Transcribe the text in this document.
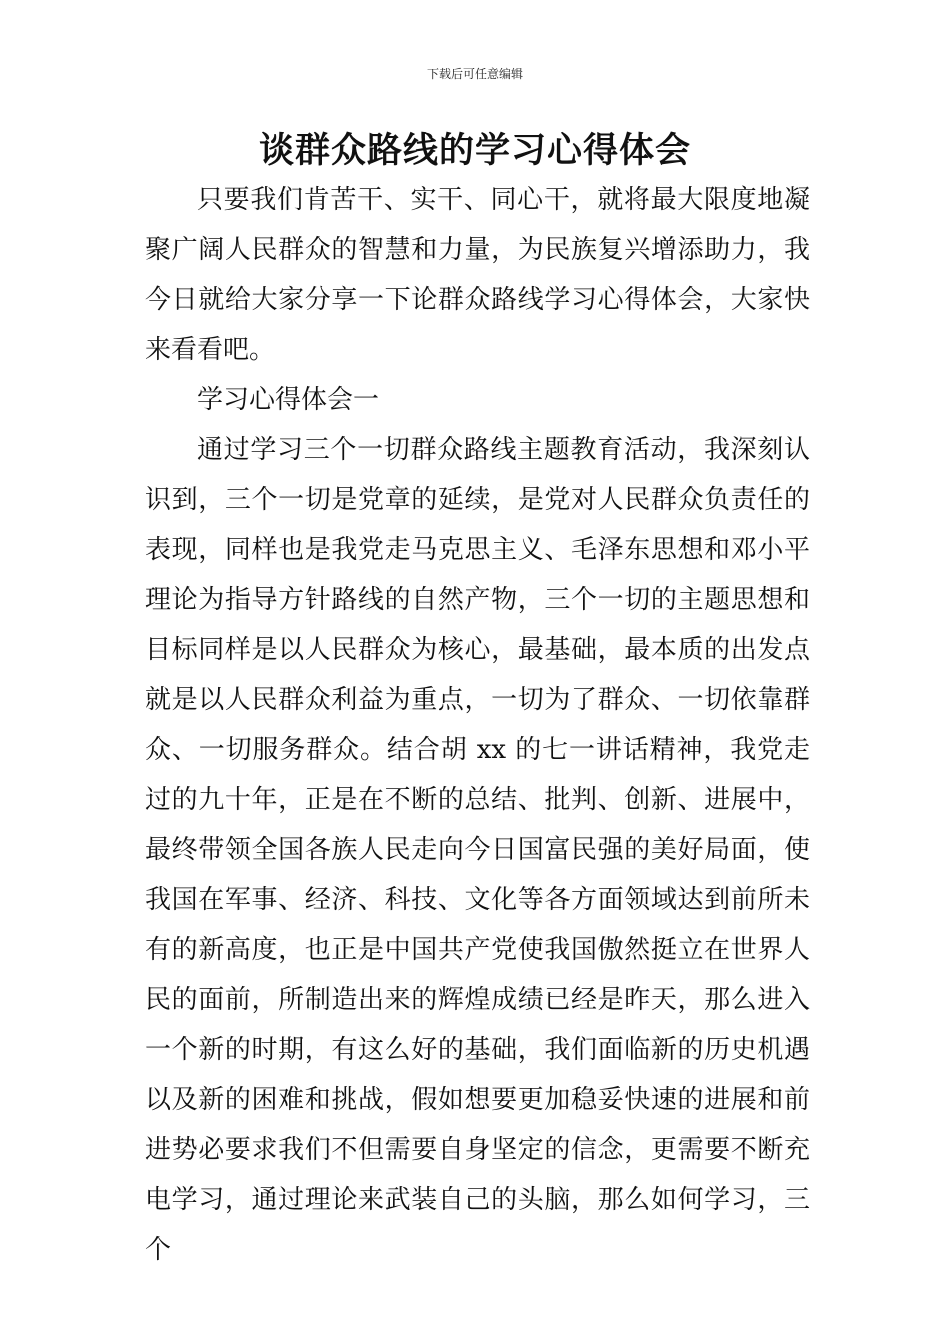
下载后可任意编辑
谈群众路线的学习心得体会

只要我们肯苦干、实干、同心干，就将最大限度地凝聚广阔人民群众的智慧和力量，为民族复兴增添助力，我今日就给大家分享一下论群众路线学习心得体会，大家快来看看吧。

学习心得体会一

通过学习三个一切群众路线主题教育活动，我深刻认识到，三个一切是党章的延续，是党对人民群众负责任的表现，同样也是我党走马克思主义、毛泽东思想和邓小平理论为指导方针路线的自然产物，三个一切的主题思想和目标同样是以人民群众为核心，最基础，最本质的出发点就是以人民群众利益为重点，一切为了群众、一切依靠群众、一切服务群众。结合胡 xx 的七一讲话精神，我党走过的九十年，正是在不断的总结、批判、创新、进展中，最终带领全国各族人民走向今日国富民强的美好局面，使我国在军事、经济、科技、文化等各方面领域达到前所未有的新高度，也正是中国共产党使我国傲然挺立在世界人民的面前，所制造出来的辉煌成绩已经是昨天，那么进入一个新的时期，有这么好的基础，我们面临新的历史机遇以及新的困难和挑战，假如想要更加稳妥快速的进展和前进势必要求我们不但需要自身坚定的信念，更需要不断充电学习，通过理论来武装自己的头脑，那么如何学习，三个
